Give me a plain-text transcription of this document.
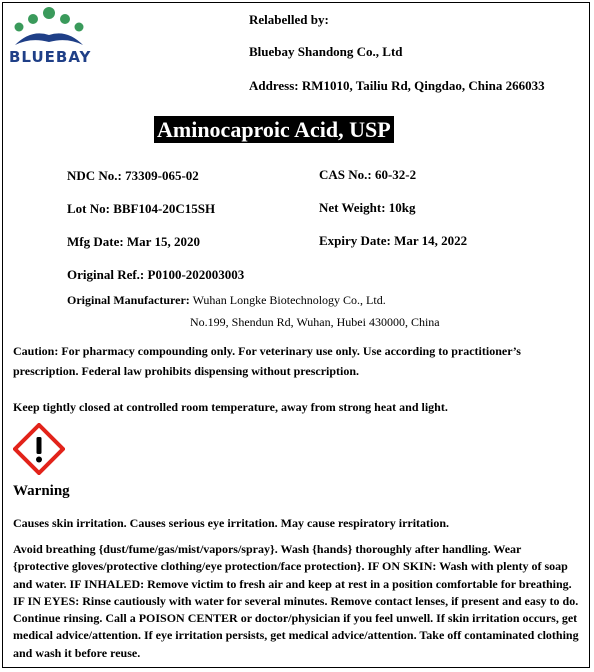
BLUEBAY
Relabelled by:
Bluebay Shandong Co., Ltd
Address: RM1010, Tailiu Rd, Qingdao, China 266033
Aminocaproic Acid, USP
NDC No.: 73309-065-02	CAS No.: 60-32-2
Lot No: BBF104-20C15SH	Net Weight: 10kg
Mfg Date: Mar 15, 2020	Expiry Date: Mar 14, 2022
Original Ref.: P0100-202003003
Original Manufacturer: Wuhan Longke Biotechnology Co., Ltd.
No.199, Shendun Rd, Wuhan, Hubei 430000, China
Caution: For pharmacy compounding only. For veterinary use only. Use according to practitioner’s prescription. Federal law prohibits dispensing without prescription.
Keep tightly closed at controlled room temperature, away from strong heat and light.
Warning
Causes skin irritation. Causes serious eye irritation. May cause respiratory irritation.
Avoid breathing {dust/fume/gas/mist/vapors/spray}. Wash {hands} thoroughly after handling. Wear {protective gloves/protective clothing/eye protection/face protection}. IF ON SKIN: Wash with plenty of soap and water. IF INHALED: Remove victim to fresh air and keep at rest in a position comfortable for breathing. IF IN EYES: Rinse cautiously with water for several minutes. Remove contact lenses, if present and easy to do. Continue rinsing. Call a POISON CENTER or doctor/physician if you feel unwell. If skin irritation occurs, get medical advice/attention. If eye irritation persists, get medical advice/attention. Take off contaminated clothing and wash it before reuse.
